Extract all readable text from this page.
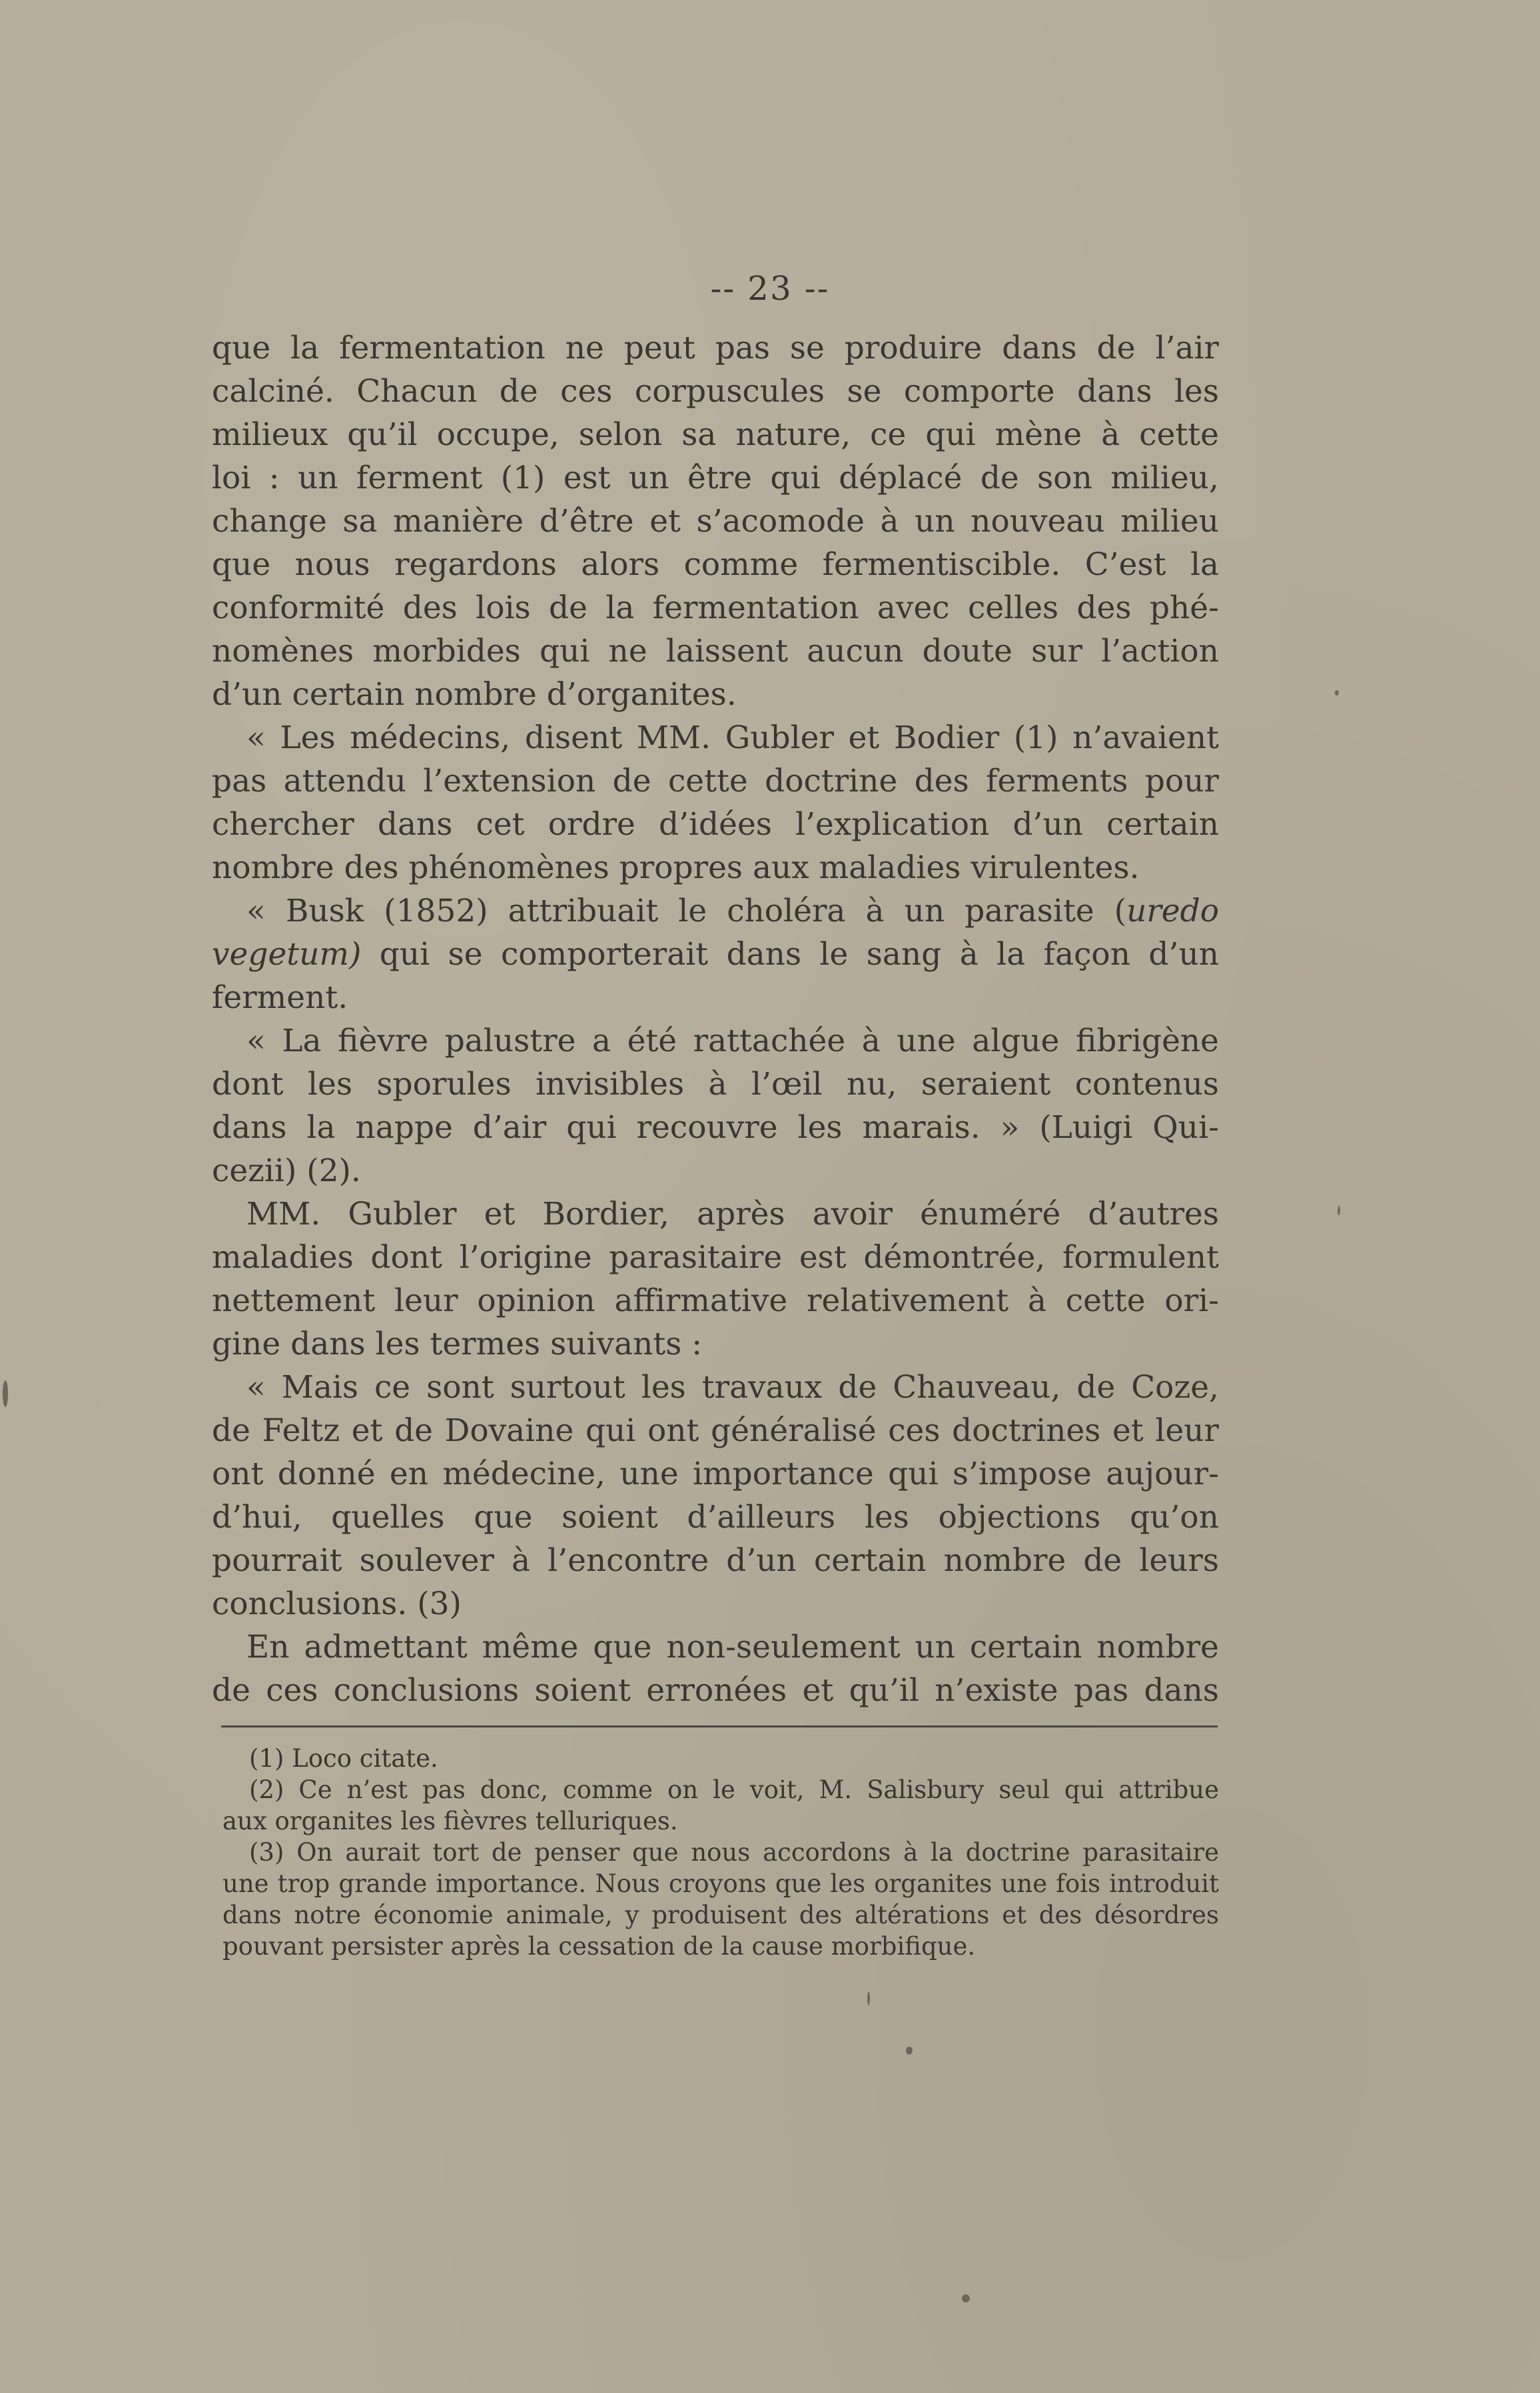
-- 23 --
que la fermentation ne peut pas se produire dans de l’air
calciné. Chacun de ces corpuscules se comporte dans les
milieux qu’il occupe, selon sa nature, ce qui mène à cette
loi : un ferment (1) est un être qui déplacé de son milieu,
change sa manière d’être et s’acomode à un nouveau milieu
que nous regardons alors comme fermentiscible. C’est la
conformité des lois de la fermentation avec celles des phé-
nomènes morbides qui ne laissent aucun doute sur l’action
d’un certain nombre d’organites.
« Les médecins, disent MM. Gubler et Bodier (1) n’avaient
pas attendu l’extension de cette doctrine des ferments pour
chercher dans cet ordre d’idées l’explication d’un certain
nombre des phénomènes propres aux maladies virulentes.
« Busk (1852) attribuait le choléra à un parasite (uredo
vegetum) qui se comporterait dans le sang à la façon d’un
ferment.
« La fièvre palustre a été rattachée à une algue fibrigène
dont les sporules invisibles à l’œil nu, seraient contenus
dans la nappe d’air qui recouvre les marais. » (Luigi Qui-
cezii) (2).
MM. Gubler et Bordier, après avoir énuméré d’autres
maladies dont l’origine parasitaire est démontrée, formulent
nettement leur opinion affirmative relativement à cette ori-
gine dans les termes suivants :
« Mais ce sont surtout les travaux de Chauveau, de Coze,
de Feltz et de Dovaine qui ont généralisé ces doctrines et leur
ont donné en médecine, une importance qui s’impose aujour-
d’hui, quelles que soient d’ailleurs les objections qu’on
pourrait soulever à l’encontre d’un certain nombre de leurs
conclusions. (3)
En admettant même que non-seulement un certain nombre
de ces conclusions soient erronées et qu’il n’existe pas dans
(1) Loco citate.
(2) Ce n’est pas donc, comme on le voit, M. Salisbury seul qui attribue
aux organites les fièvres telluriques.
(3) On aurait tort de penser que nous accordons à la doctrine parasitaire
une trop grande importance. Nous croyons que les organites une fois introduit
dans notre économie animale, y produisent des altérations et des désordres
pouvant persister après la cessation de la cause morbifique.
